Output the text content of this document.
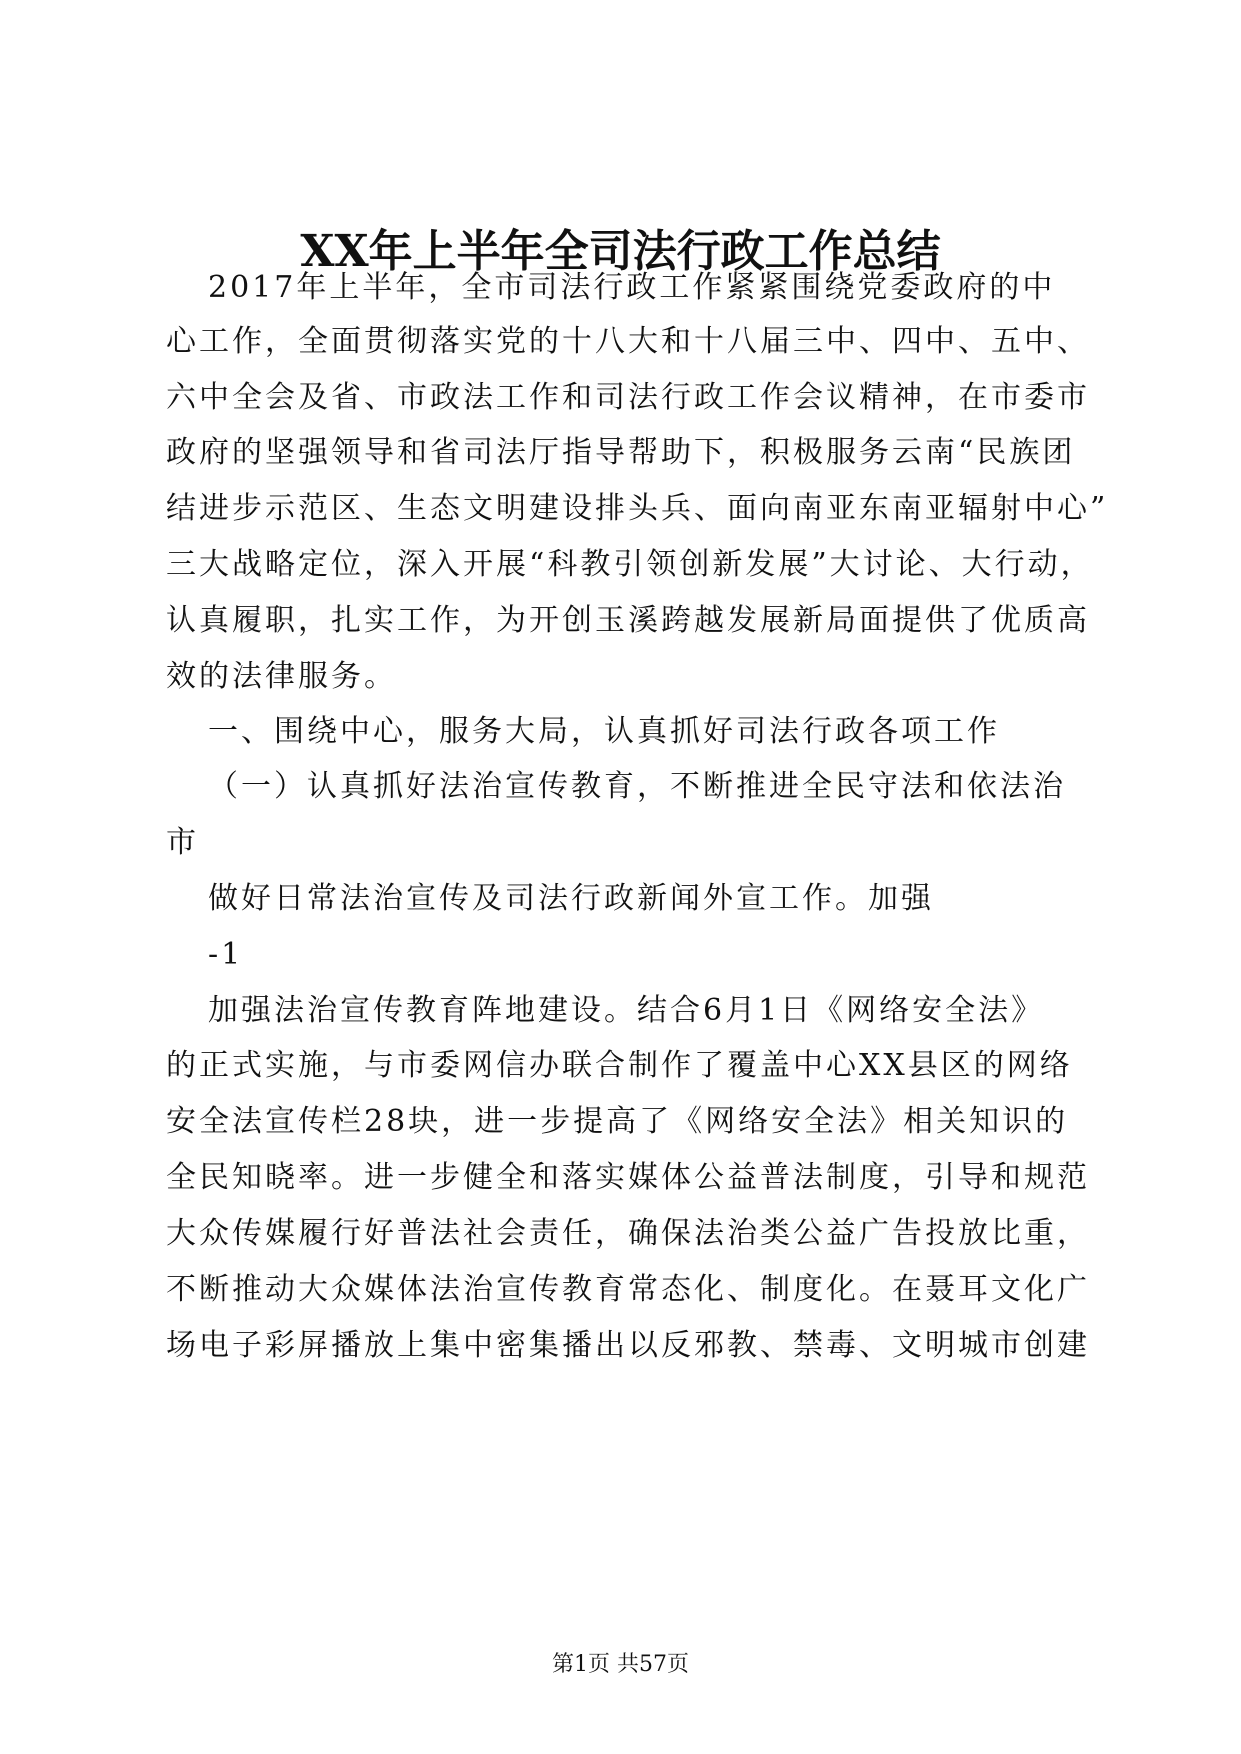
XX年上半年全司法行政工作总结
2017年上半年，全市司法行政工作紧紧围绕党委政府的中
心工作，全面贯彻落实党的十八大和十八届三中、四中、五中、
六中全会及省、市政法工作和司法行政工作会议精神，在市委市
政府的坚强领导和省司法厅指导帮助下，积极服务云南“民族团
结进步示范区、生态文明建设排头兵、面向南亚东南亚辐射中心”
三大战略定位，深入开展“科教引领创新发展”大讨论、大行动，
认真履职，扎实工作，为开创玉溪跨越发展新局面提供了优质高
效的法律服务。
一、围绕中心，服务大局，认真抓好司法行政各项工作
（一）认真抓好法治宣传教育，不断推进全民守法和依法治
市
做好日常法治宣传及司法行政新闻外宣工作。加强
-1
加强法治宣传教育阵地建设。结合6月1日《网络安全法》
的正式实施，与市委网信办联合制作了覆盖中心XX县区的网络
安全法宣传栏28块，进一步提高了《网络安全法》相关知识的
全民知晓率。进一步健全和落实媒体公益普法制度，引导和规范
大众传媒履行好普法社会责任，确保法治类公益广告投放比重，
不断推动大众媒体法治宣传教育常态化、制度化。在聂耳文化广
场电子彩屏播放上集中密集播出以反邪教、禁毒、文明城市创建
第1页 共57页
